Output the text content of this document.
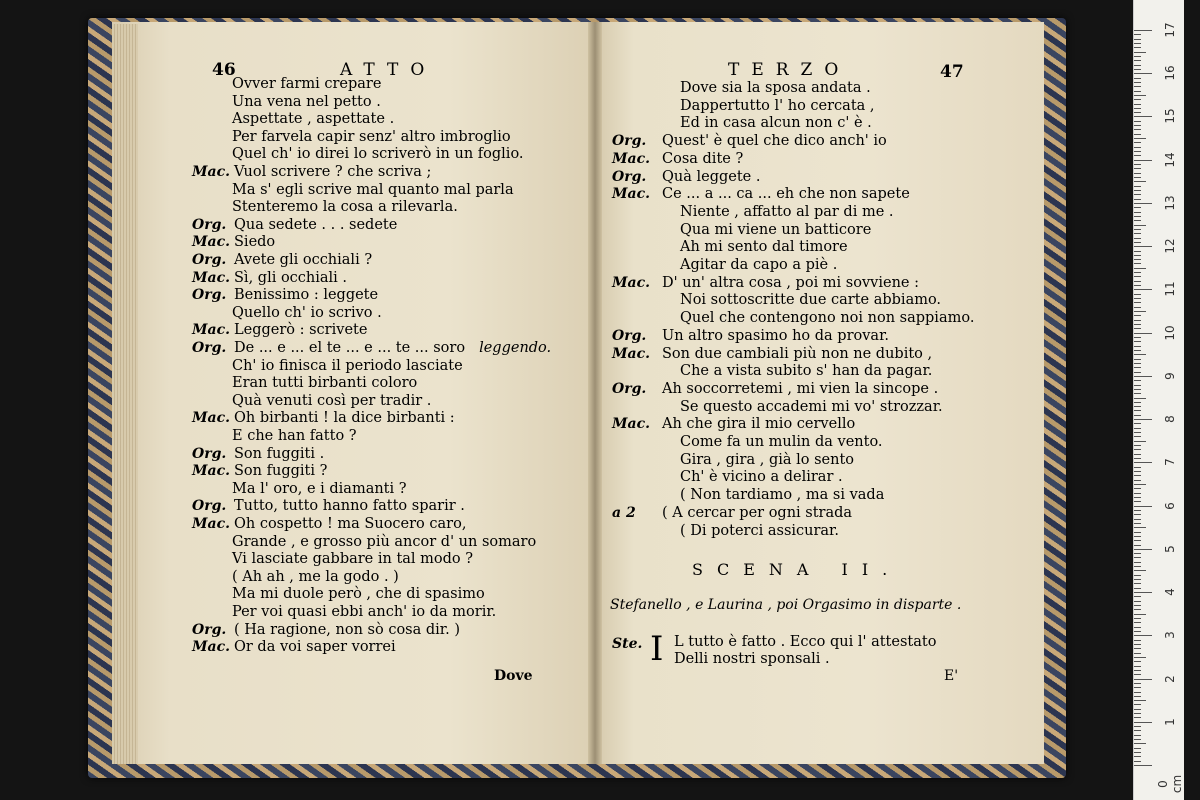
46	ATTO
Dove
Ovver farmi crepare
Una vena nel petto .
Aspettate , aspettate .
Per farvela capir senz' altro imbroglio
Quel ch' io direi lo scriverò in un foglio.
Mac. Vuol scrivere ? che scriva ;
Ma s' egli scrive mal quanto mal parla
Stenteremo la cosa a rilevarla.
Org. Qua sedete . . . sedete
Mac. Siedo
Org. Avete gli occhiali ?
Mac. Sì, gli occhiali .
Org. Benissimo : leggete
Quello ch' io scrivo .
Mac. Leggerò : scrivete
Org. De ... e ... el te ... e ... te ... soro leggendo.
Ch' io finisca il periodo lasciate
Eran tutti birbanti coloro
Quà venuti così per tradir .
Mac. Oh birbanti ! la dice birbanti :
E che han fatto ?
Org. Son fuggiti .
Mac. Son fuggiti ?
Ma l' oro, e i diamanti ?
Org. Tutto, tutto hanno fatto sparir .
Mac. Oh cospetto ! ma Suocero caro,
Grande , e grosso più ancor d' un somaro
Vi lasciate gabbare in tal modo ?
( Ah ah , me la godo . )
Ma mi duole però , che di spasimo
Per voi quasi ebbi anch' io da morir.
Org. ( Ha ragione, non sò cosa dir. )
Mac. Or da voi saper vorrei
TERZO	47
SCENA II.
Stefanello , e Laurina , poi Orgasimo in disparte .
Ste. I L tutto è fatto . Ecco qui l' attestato
Delli nostri sponsali .
E'
Dove sia la sposa andata .
Dappertutto l' ho cercata ,
Ed in casa alcun non c' è .
Org. Quest' è quel che dico anch' io
Mac. Cosa dite ?
Org. Quà leggete .
Mac. Ce ... a ... ca ... eh che non sapete
Niente , affatto al par di me .
Qua mi viene un batticore
Ah mi sento dal timore
Agitar da capo a piè .
Mac. D' un' altra cosa , poi mi sovviene :
Noi sottoscritte due carte abbiamo.
Quel che contengono noi non sappiamo.
Org. Un altro spasimo ho da provar.
Mac. Son due cambiali più non ne dubito ,
Che a vista subito s' han da pagar.
Org. Ah soccorretemi , mi vien la sincope .
Se questo accademi mi vo' strozzar.
Mac. Ah che gira il mio cervello
Come fa un mulin da vento.
Gira , gira , già lo sento
Ch' è vicino a delirar .
( Non tardiamo , ma si vada
a 2 ( A cercar per ogni strada
( Di poterci assicurar.
0 cm
17
16
15
14
13
12
11
10
9
8
7
6
5
4
3
2
1
